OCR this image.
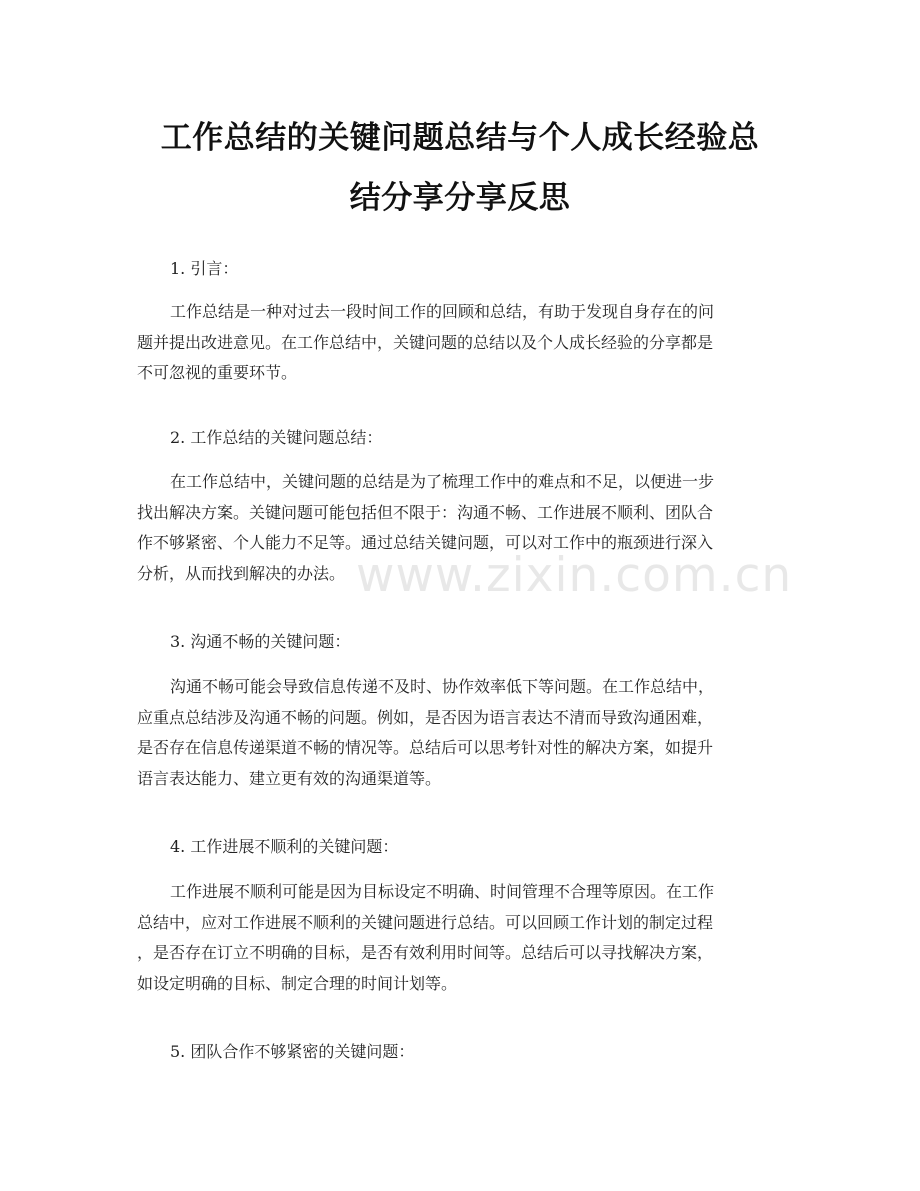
工作总结的关键问题总结与个人成长经验总
结分享分享反思

1. 引言：

工作总结是一种对过去一段时间工作的回顾和总结，有助于发现自身存在的问
题并提出改进意见。在工作总结中，关键问题的总结以及个人成长经验的分享都是
不可忽视的重要环节。

2. 工作总结的关键问题总结：

在工作总结中，关键问题的总结是为了梳理工作中的难点和不足，以便进一步
找出解决方案。关键问题可能包括但不限于：沟通不畅、工作进展不顺利、团队合
作不够紧密、个人能力不足等。通过总结关键问题，可以对工作中的瓶颈进行深入
分析，从而找到解决的办法。

3. 沟通不畅的关键问题：

沟通不畅可能会导致信息传递不及时、协作效率低下等问题。在工作总结中，
应重点总结涉及沟通不畅的问题。例如，是否因为语言表达不清而导致沟通困难，
是否存在信息传递渠道不畅的情况等。总结后可以思考针对性的解决方案，如提升
语言表达能力、建立更有效的沟通渠道等。

4. 工作进展不顺利的关键问题：

工作进展不顺利可能是因为目标设定不明确、时间管理不合理等原因。在工作
总结中，应对工作进展不顺利的关键问题进行总结。可以回顾工作计划的制定过程
，是否存在订立不明确的目标，是否有效利用时间等。总结后可以寻找解决方案，
如设定明确的目标、制定合理的时间计划等。

5. 团队合作不够紧密的关键问题：

www.zixin.com.cn
